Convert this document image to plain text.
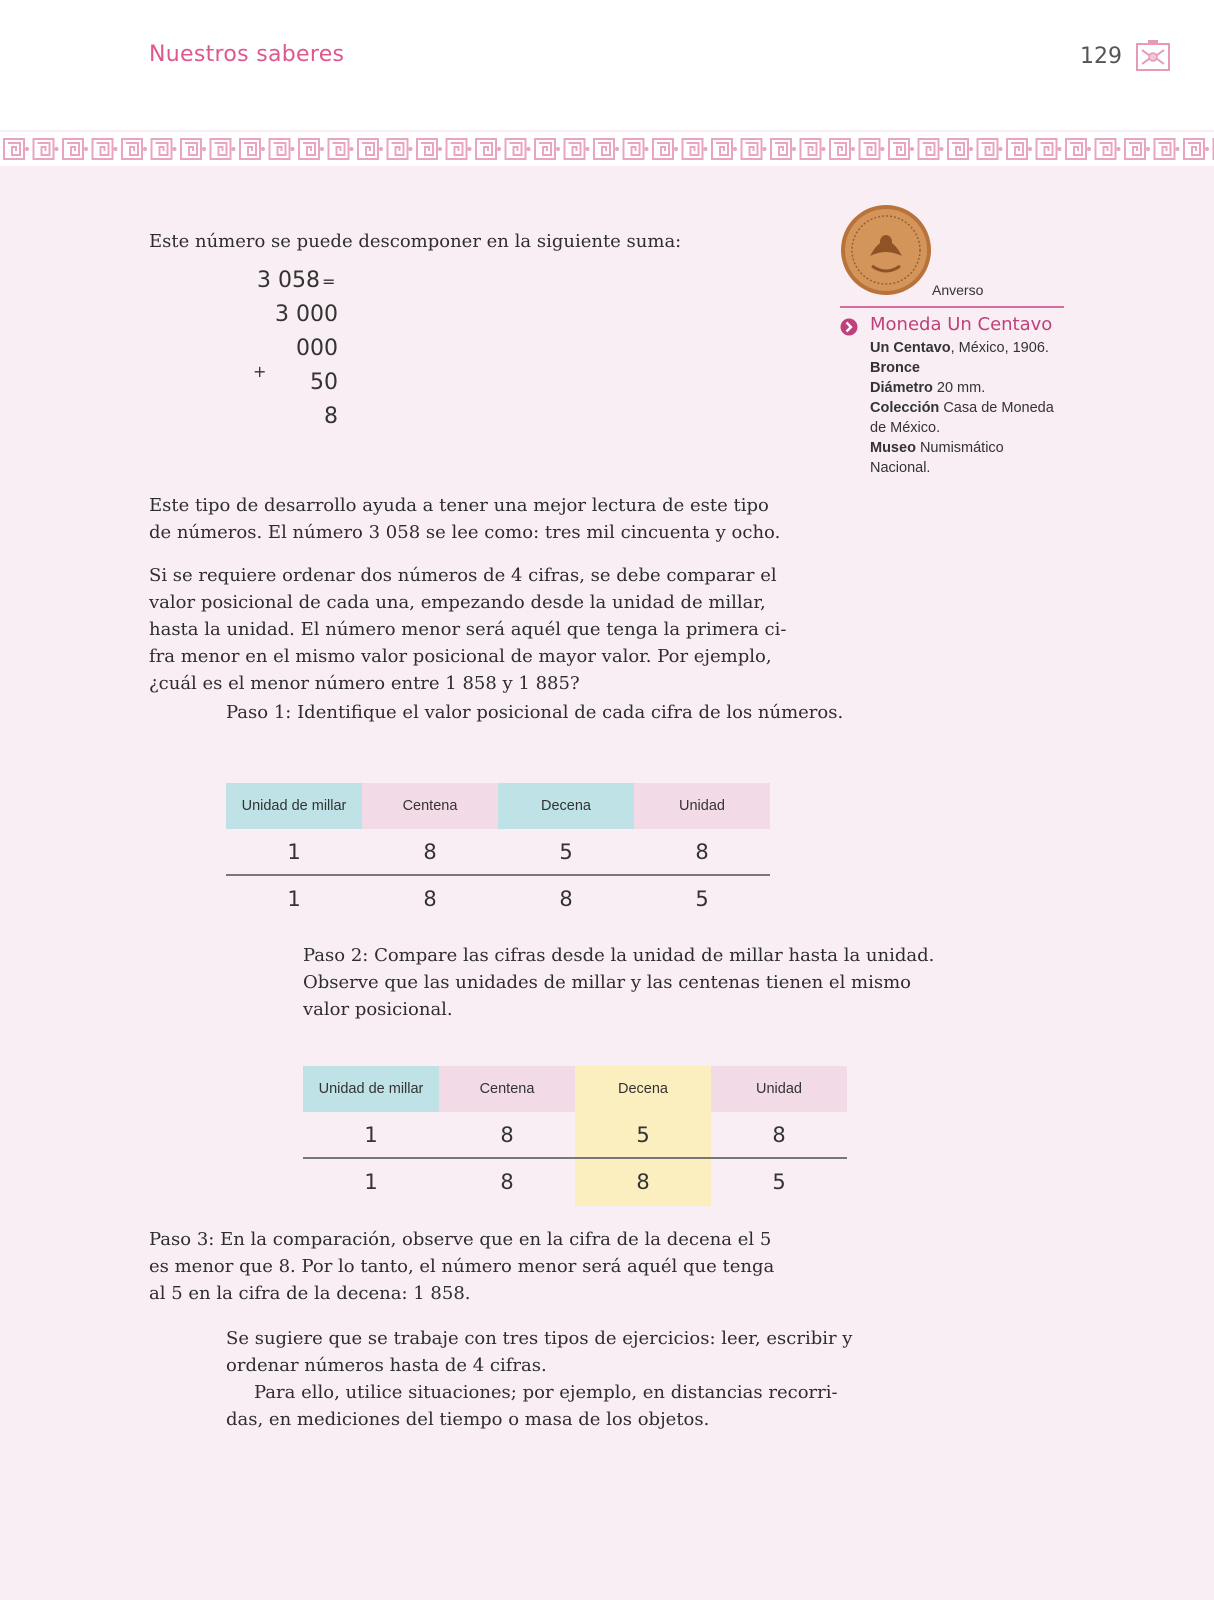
Nuestros saberes	129
Este número se puede descomponer en la siguiente suma:
3 058 =
3 000
000
+	50
8
Anverso
Moneda Un Centavo
Un Centavo, México, 1906.
Bronce
Diámetro 20 mm.
Colección Casa de Moneda
de México.
Museo Numismático
Nacional.
Este tipo de desarrollo ayuda a tener una mejor lectura de este tipo
de números. El número 3 058 se lee como: tres mil cincuenta y ocho.
Si se requiere ordenar dos números de 4 cifras, se debe comparar el
valor posicional de cada una, empezando desde la unidad de millar,
hasta la unidad. El número menor será aquél que tenga la primera ci-
fra menor en el mismo valor posicional de mayor valor. Por ejemplo,
¿cuál es el menor número entre 1 858 y 1 885?
Paso 1: Identifique el valor posicional de cada cifra de los números.
Unidad de millar	Centena	Decena	Unidad
1	8	5	8
1	8	8	5
Paso 2: Compare las cifras desde la unidad de millar hasta la unidad.
Observe que las unidades de millar y las centenas tienen el mismo
valor posicional.
Unidad de millar	Centena	Decena	Unidad
1	8	5	8
1	8	8	5
Paso 3: En la comparación, observe que en la cifra de la decena el 5
es menor que 8. Por lo tanto, el número menor será aquél que tenga
al 5 en la cifra de la decena: 1 858.
Se sugiere que se trabaje con tres tipos de ejercicios: leer, escribir y
ordenar números hasta de 4 cifras.
Para ello, utilice situaciones; por ejemplo, en distancias recorri-
das, en mediciones del tiempo o masa de los objetos.
